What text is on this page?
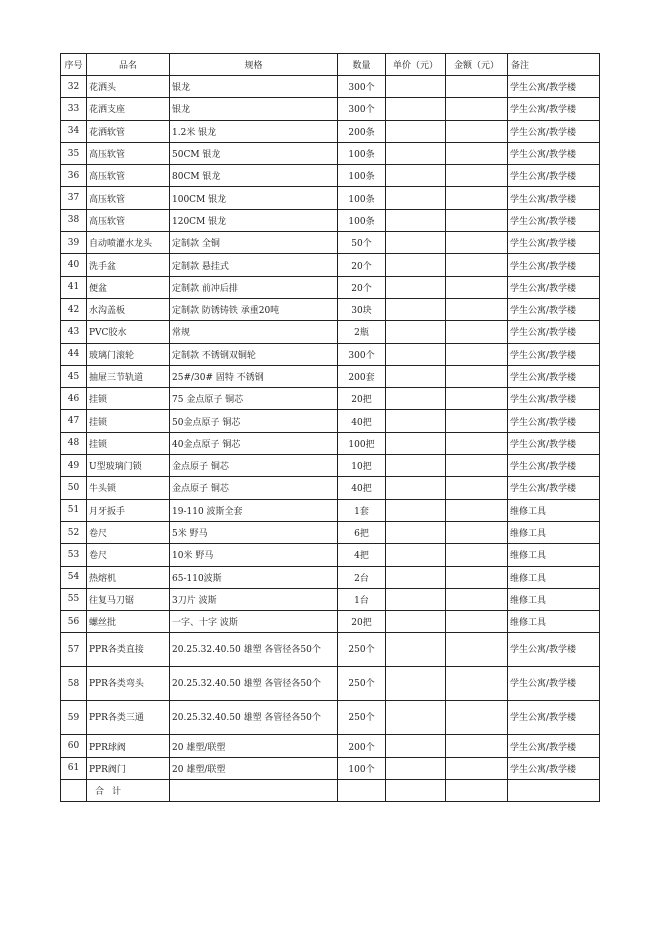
序号	品名	规格	数量	单价（元）	金额（元）	备注
32	花洒头	银龙	300个			学生公寓/教学楼
33	花洒支座	银龙	300个			学生公寓/教学楼
34	花洒软管	1.2米 银龙	200条			学生公寓/教学楼
35	高压软管	50CM 银龙	100条			学生公寓/教学楼
36	高压软管	80CM 银龙	100条			学生公寓/教学楼
37	高压软管	100CM 银龙	100条			学生公寓/教学楼
38	高压软管	120CM 银龙	100条			学生公寓/教学楼
39	自动喷灌水龙头	定制款 全铜	50个			学生公寓/教学楼
40	洗手盆	定制款 悬挂式	20个			学生公寓/教学楼
41	便盆	定制款 前冲后排	20个			学生公寓/教学楼
42	水沟盖板	定制款 防锈铸铁 承重20吨	30块			学生公寓/教学楼
43	PVC胶水	常规	2瓶			学生公寓/教学楼
44	玻璃门滚轮	定制款 不锈钢双铜轮	300个			学生公寓/教学楼
45	抽屉三节轨道	25#/30# 固特 不锈钢	200套			学生公寓/教学楼
46	挂锁	75 金点原子 铜芯	20把			学生公寓/教学楼
47	挂锁	50金点原子 铜芯	40把			学生公寓/教学楼
48	挂锁	40金点原子 铜芯	100把			学生公寓/教学楼
49	U型玻璃门锁	金点原子 铜芯	10把			学生公寓/教学楼
50	牛头锁	金点原子 铜芯	40把			学生公寓/教学楼
51	月牙扳手	19-110 波斯全套	1套			维修工具
52	卷尺	5米 野马	6把			维修工具
53	卷尺	10米 野马	4把			维修工具
54	热熔机	65-110波斯	2台			维修工具
55	往复马刀锯	3刀片 波斯	1台			维修工具
56	螺丝批	一字、十字 波斯	20把			维修工具
57	PPR各类直接	20.25.32.40.50 雄塑 各管径各50个	250个			学生公寓/教学楼
58	PPR各类弯头	20.25.32.40.50 雄塑 各管径各50个	250个			学生公寓/教学楼
59	PPR各类三通	20.25.32.40.50 雄塑 各管径各50个	250个			学生公寓/教学楼
60	PPR球阀	20 雄塑/联塑	200个			学生公寓/教学楼
61	PPR阀门	20 雄塑/联塑	100个			学生公寓/教学楼
	合计					
